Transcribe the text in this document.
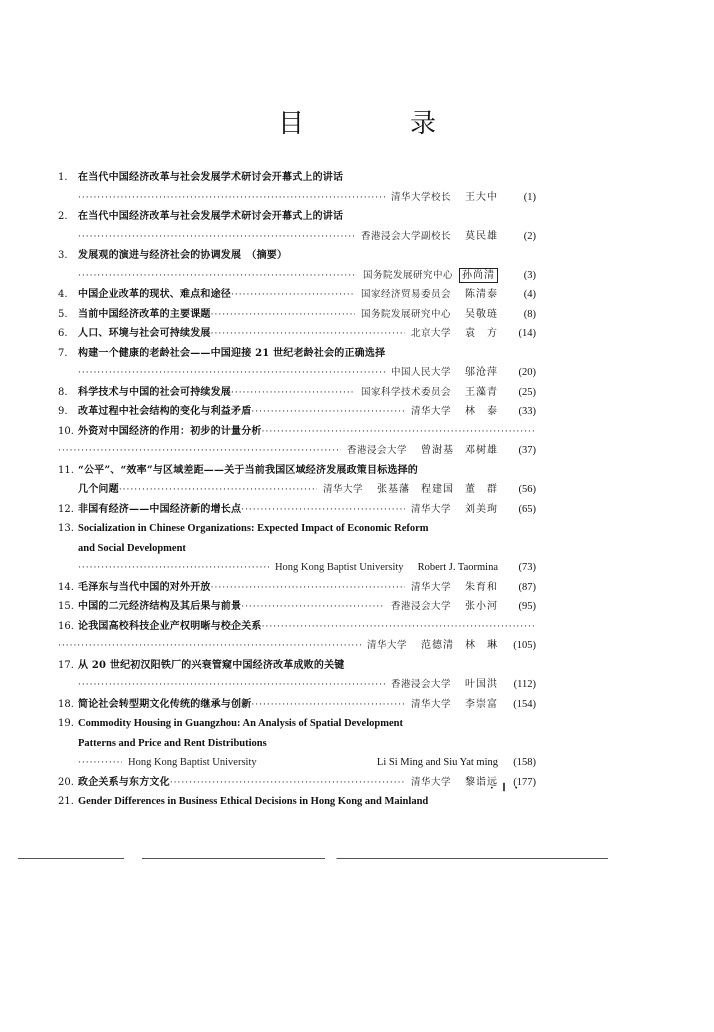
目　录
1.	在当代中国经济改革与社会发展学术研讨会开幕式上的讲话
·····
清华大学校长	王大中	(1)
2.	在当代中国经济改革与社会发展学术研讨会开幕式上的讲话
·····
香港浸会大学副校长	莫民雄	(2)
3.	发展观的演进与经济社会的协调发展　（摘要）
·····
国务院发展研究中心 孙尚清	(3)
4.	中国企业改革的现状、难点和途径 ·····	国家经济贸易委员会	陈清泰	(4)
5.	当前中国经济改革的主要课题 ·····	国务院发展研究中心	吴敬琏	(8)
6.	人口、环境与社会可持续发展 ·····	北京大学	袁　方	(14)
7.	构建一个健康的老龄社会——中国迎接 21 世纪老龄社会的正确选择
·····
中国人民大学	邬沧萍	(20)
8.	科学技术与中国的社会可持续发展 ·····	国家科学技术委员会	王藻青	(25)
9.	改革过程中社会结构的变化与利益矛盾 ·····	清华大学	林　泰	(33)
10. 外资对中国经济的作用：初步的计量分析
·····
·····
香港浸会大学	曾澍基　邓树雄	(37)
11. “公平”、“效率”与区域差距——关于当前我国区域经济发展政策目标选择的
几个问题 ·····	清华大学	张基藩　程建国　董　群	(56)
12. 非国有经济——中国经济新的增长点 ·····	清华大学	刘美珣	(65)
13. Socialization in Chinese Organizations: Expected Impact of Economic Reform
and Social Development
·····
Hong Kong Baptist University	Robert J. Taormina	(73)
14. 毛泽东与当代中国的对外开放 ·····	清华大学	朱育和	(87)
15. 中国的二元经济结构及其后果与前景 ·····	香港浸会大学	张小河	(95)
16. 论我国高校科技企业产权明晰与校企关系
·····
·····
清华大学	范德清　林　琳	(105)
17. 从 20 世纪初汉阳铁厂的兴衰管窥中国经济改革成败的关键
·····
香港浸会大学	叶国洪	(112)
18. 简论社会转型期文化传统的继承与创新 ·····	清华大学	李崇富	(154)
19. Commodity Housing in Guangzhou: An Analysis of Spatial Development
Patterns and Price and Rent Distributions
·····
Hong Kong Baptist University	Li Si Ming and Siu Yat ming	(158)
20. 政企关系与东方文化 ·····	清华大学	黎诣远	(177)
21. Gender Differences in Business Ethical Decisions in Hong Kong and Mainland
· Ⅰ ·
